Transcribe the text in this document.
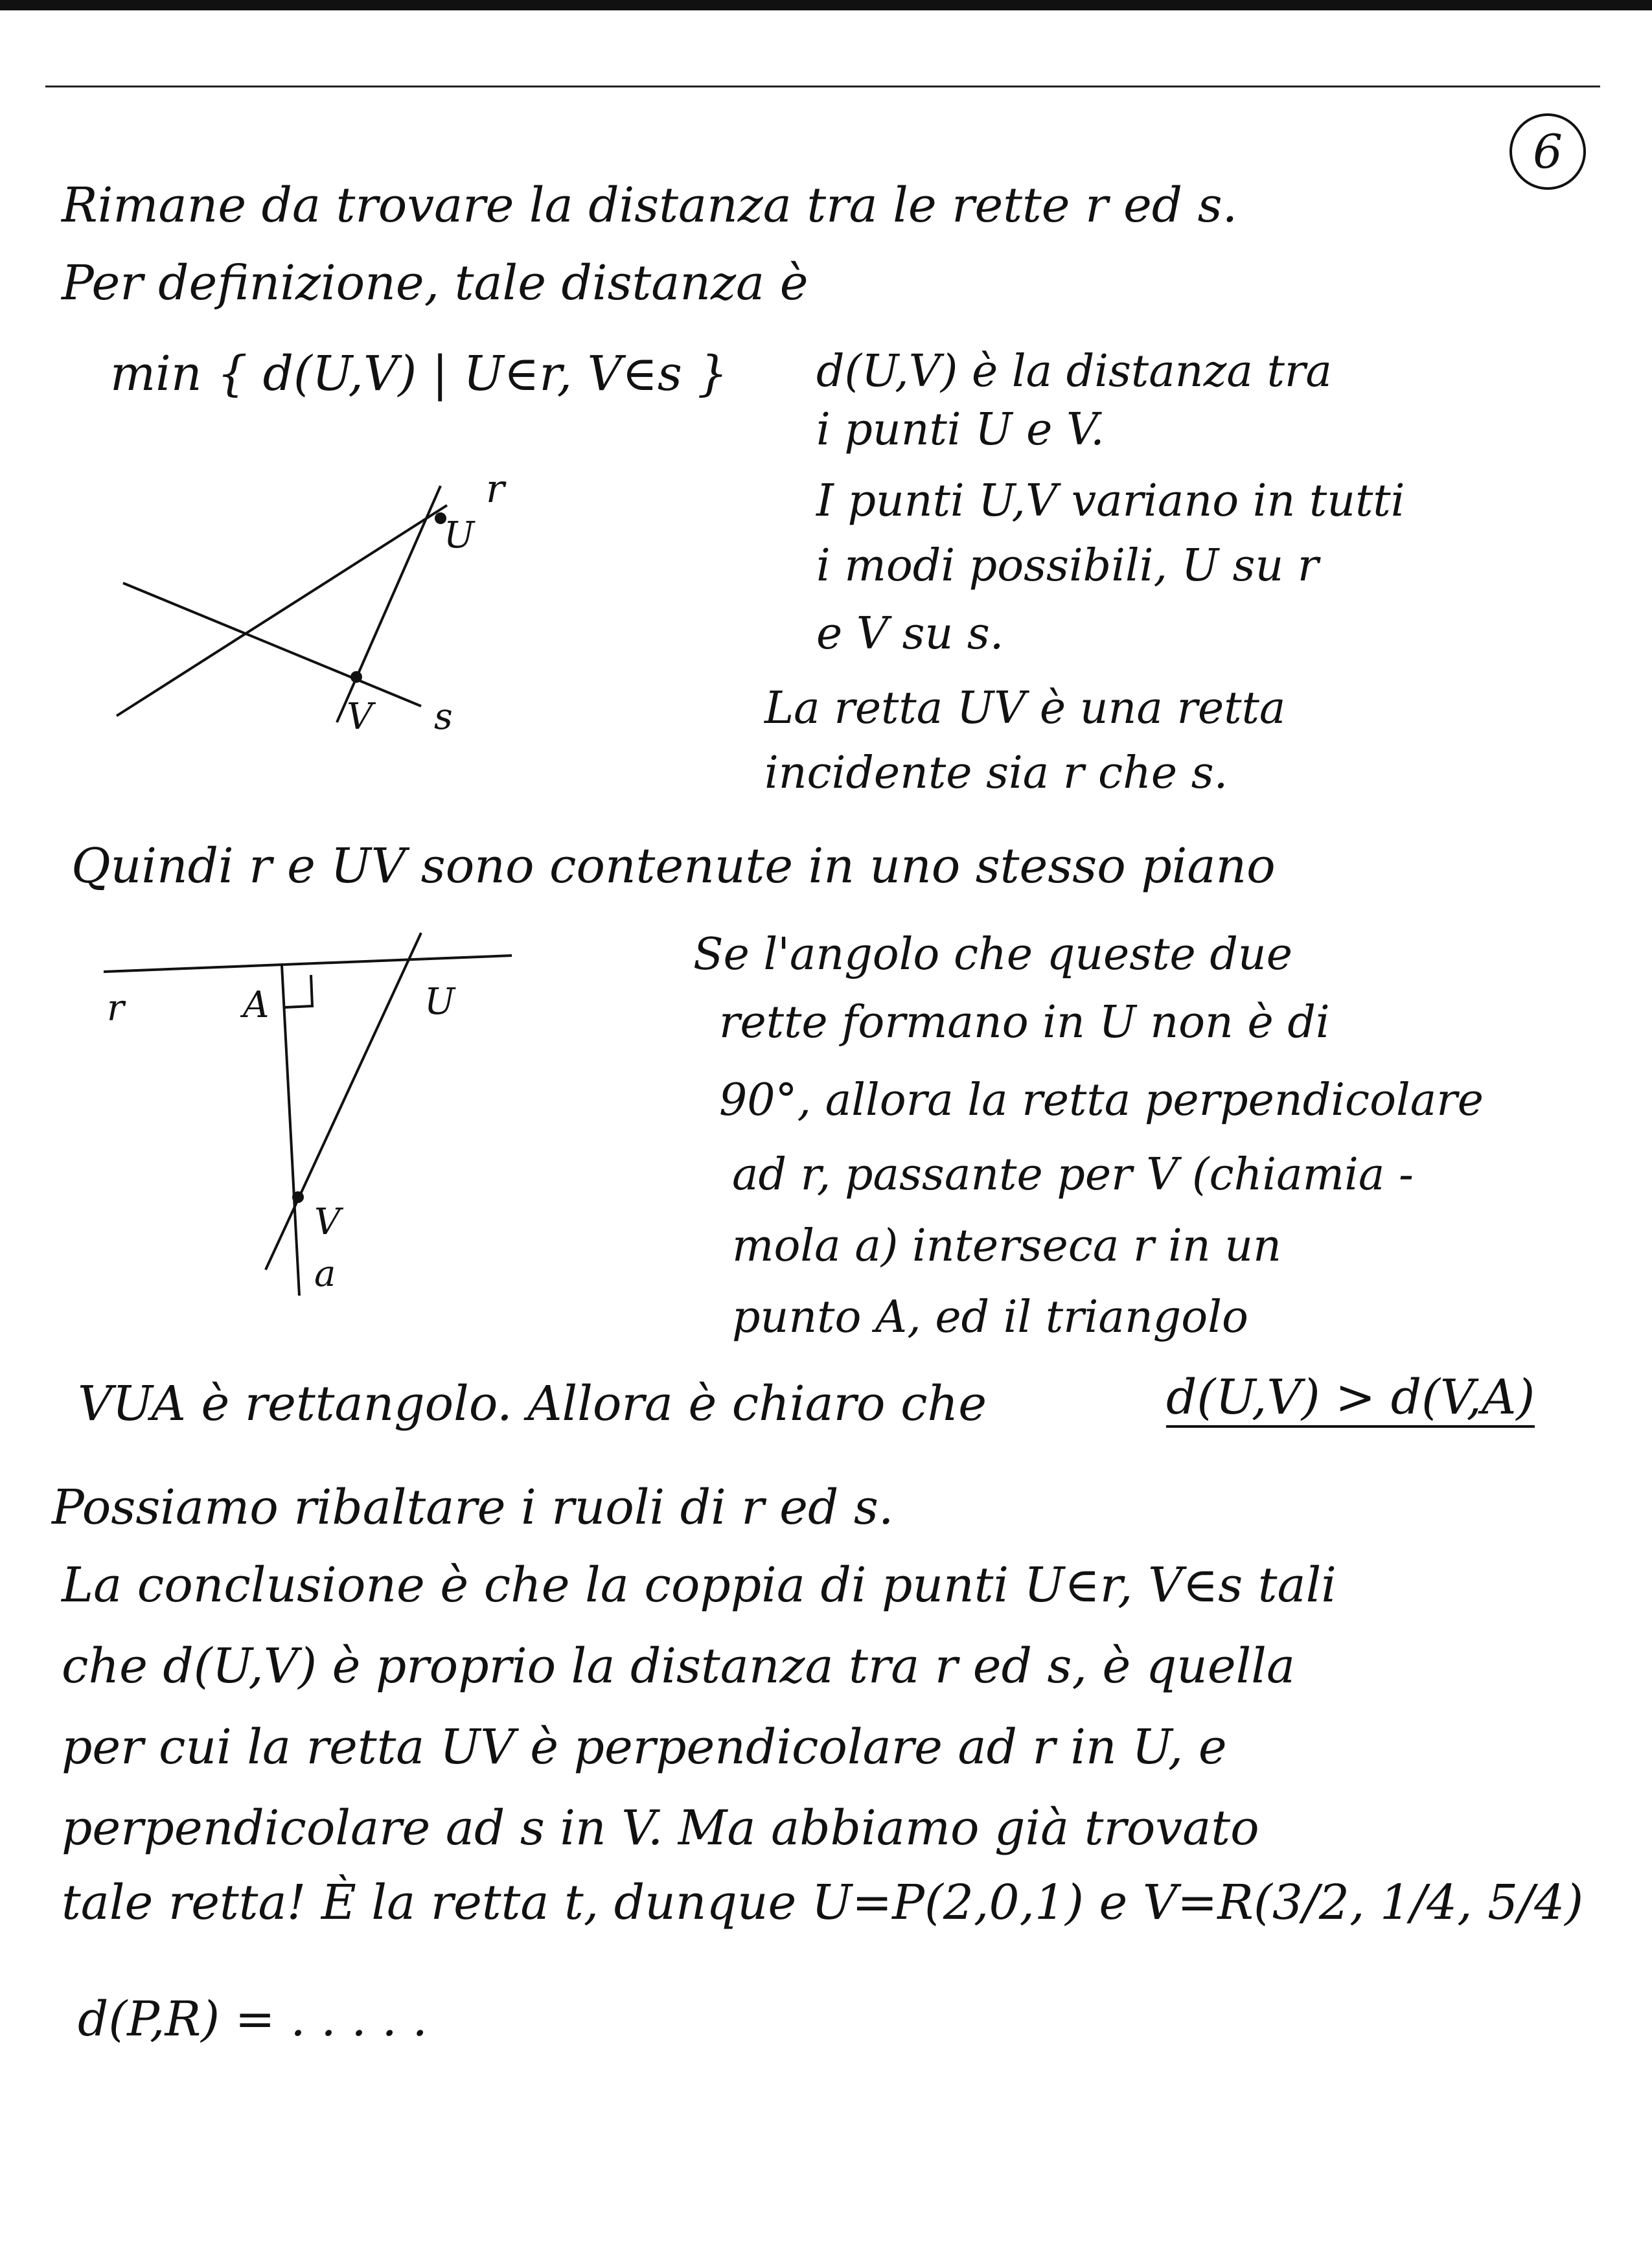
6
Rimane da trovare la distanza tra le rette r ed s.
Per definizione, tale distanza è
min { d(U,V) | U∈r, V∈s } d(U,V) è la distanza tra
i punti U e V.
I punti U,V variano in tutti
i modi possibili, U su r
e V su s.
La retta UV è una retta
incidente sia r che s.
r
U
V s
Quindi r e UV sono contenute in uno stesso piano
r	A	U
V
a
Se l'angolo che queste due
rette formano in U non è di
90°, allora la retta perpendicolare
ad r, passante per V (chiamia -
mola a) interseca r in un
punto A, ed il triangolo
VUA è rettangolo. Allora è chiaro che	d(U,V) > d(V,A)
Possiamo ribaltare i ruoli di r ed s.
La conclusione è che la coppia di punti U∈r, V∈s tali
che d(U,V) è proprio la distanza tra r ed s, è quella
per cui la retta UV è perpendicolare ad r in U, e
perpendicolare ad s in V. Ma abbiamo già trovato
tale retta! È la retta t, dunque U=P(2,0,1) e V=R(3/2, 1/4, 5/4)
d(P,R) = . . . . .
